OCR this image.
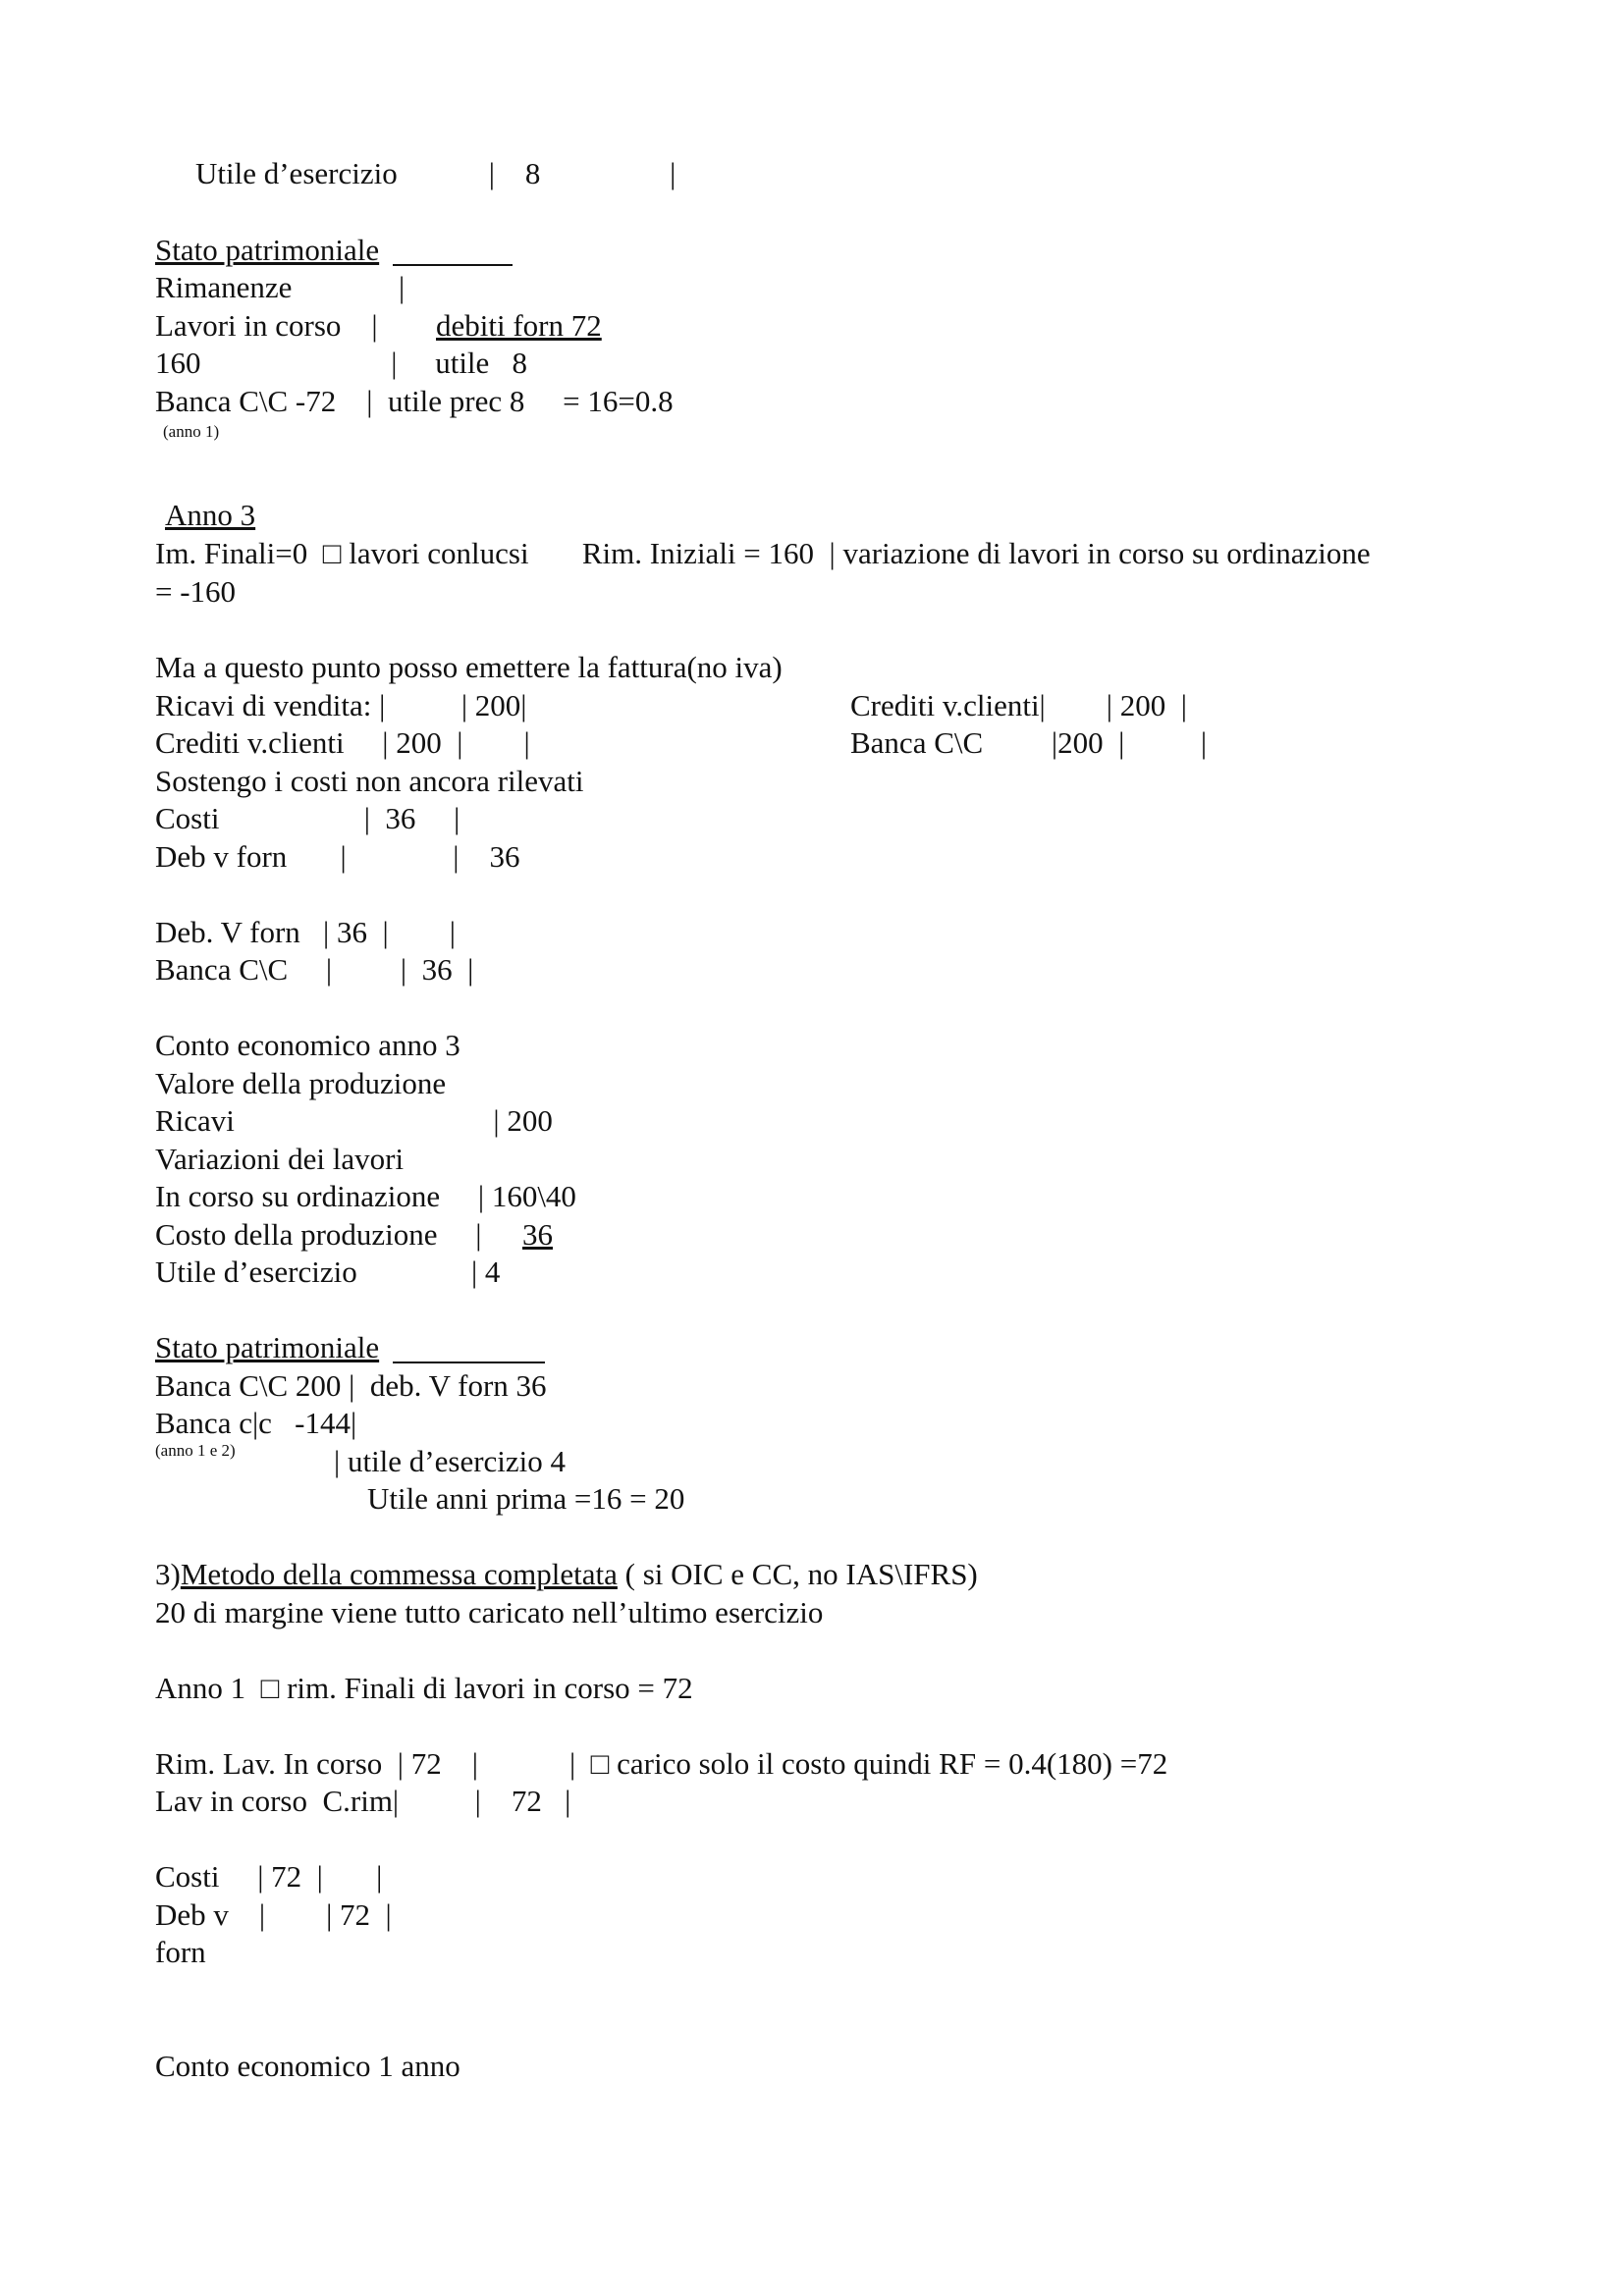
Utile d’esercizio            |    8                 |
Stato patrimoniale
Rimanenze              |
Lavori in corso    | debiti forn 72
160                         |     utile   8
Banca C\C -72    |  utile prec 8     = 16=0.8
(anno 1)
Anno 3
Im. Finali=0  □ lavori conlucsi       Rim. Iniziali = 160  | variazione di lavori in corso su ordinazione
= -160
Ma a questo punto posso emettere la fattura(no iva)
Ricavi di vendita: |          | 200|	Crediti v.clienti|        | 200  |
Crediti v.clienti     | 200  |        |	Banca C\C         |200  |          |
Sostengo i costi non ancora rilevati
Costi                   |  36     |
Deb v forn       |              |    36
Deb. V forn   | 36  |        |
Banca C\C     |         |  36  |
Conto economico anno 3
Valore della produzione
Ricavi                                  | 200
Variazioni dei lavori
In corso su ordinazione     | 160\40
Costo della produzione     | 36
Utile d’esercizio               | 4
Stato patrimoniale
Banca C\C 200 |  deb. V forn 36
Banca c|c   -144|
(anno 1 e 2)	| utile d’esercizio 4
Utile anni prima =16 = 20
3)Metodo della commessa completata ( si OIC e CC, no IAS\IFRS)
20 di margine viene tutto caricato nell’ultimo esercizio
Anno 1  □ rim. Finali di lavori in corso = 72
Rim. Lav. In corso  | 72    |            |  □ carico solo il costo quindi RF = 0.4(180) =72
Lav in corso  C.rim|          |    72   |
Costi     | 72  |       |
Deb v    |        | 72  |
forn
Conto economico 1 anno
